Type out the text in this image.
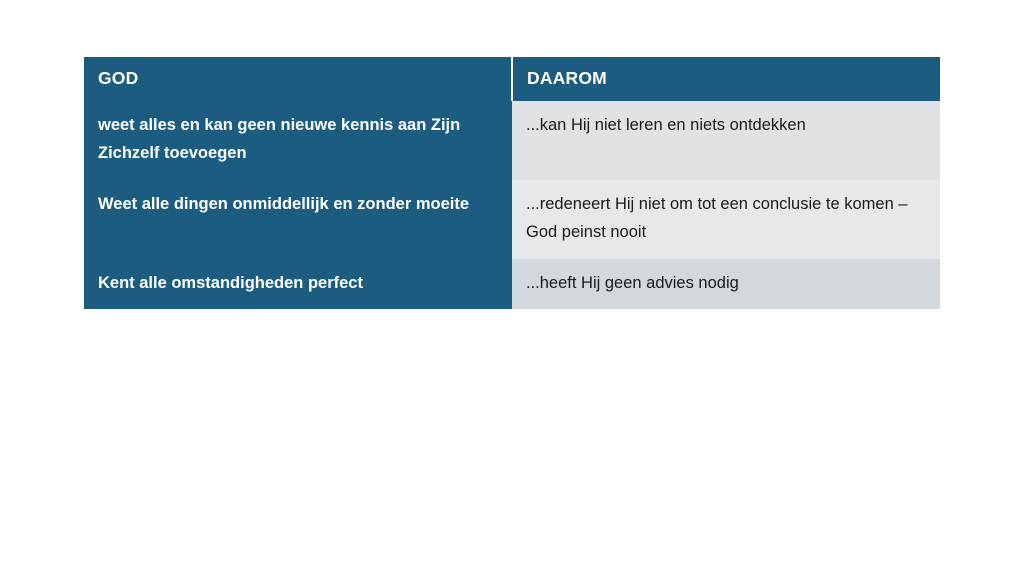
GOD	DAAROM
weet alles en kan geen nieuwe kennis aan Zijn Zichzelf toevoegen	...kan Hij niet leren en niets ontdekken
Weet alle dingen onmiddellijk en zonder moeite	...redeneert Hij niet om tot een conclusie te komen – God peinst nooit
Kent alle omstandigheden perfect	...heeft Hij geen advies nodig
